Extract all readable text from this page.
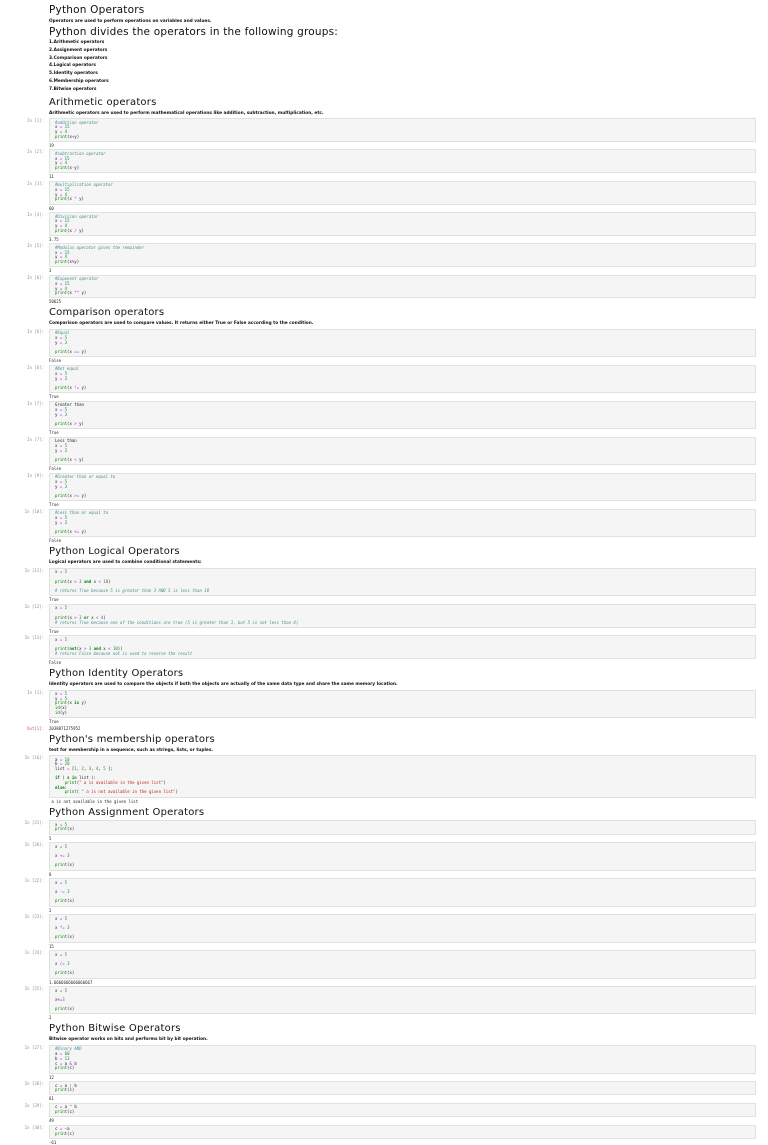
Python Operators
Operators are used to perform operations on variables and values.
Python divides the operators in the following groups:
1.Arithmetic operators
2.Assignment operators
3.Comparison operators
4.Logical operators
5.Identity operators
6.Membership operators
7.Bitwise operators
Arithmetic operators
Arithmetic operators are used to perform mathematical operations like addition, subtraction, multiplication, etc.
In [1]:	#addition operator
x = 15
y = 4
print(x+y)
19
In [2]:	#subtraction operator
x = 15
y = 4
print(x-y)
11
In [3]:	#multiplication operator
x = 15
y = 4
print(x * y)
60
In [4]:	#Division operator
x = 15
y = 4
print(x / y)
3.75
In [5]:	#Modulus operator gives the remainder
x = 15
y = 4
print(x%y)
3
In [6]:	#Exponent operator
x = 15
y = 4
print(x ** y)
50625
Comparison operators
Comparison operators are used to compare values. It returns either True or False according to the condition.
In [6]:	#Equal
x = 5
y = 3
print(x == y)
False
In [6]:	#Not equal
x = 5
y = 3
print(x != y)
True
In [7]:	Greater than
x = 5
y = 3
print(x > y)
True
In [7]:	Less than
x = 5
y = 3
print(x < y)
False
In [9]:	#Greater than or equal to
x = 5
y = 3
print(x >= y)
True
In [10]:	#Less than or equal to
x = 5
y = 3
print(x <= y)
False
Python Logical Operators
Logical operators are used to combine conditional statements:
In [11]:	x = 5
print(x > 3 and x < 10)
# returns True because 5 is greater than 3 AND 5 is less than 10
True
In [12]:	x = 5
print(x > 3 or x < 4)
# returns True because one of the conditions are true (5 is greater than 3, but 5 is not less than 4)
True
In [13]:	x = 5
print(not(x > 3 and x < 10))
# returns False because not is used to reverse the result
False
Python Identity Operators
Identity operators are used to compare the objects if both the objects are actually of the same data type and share the same memory location.
In [1]:	x = 5
y = 5
print(x is y)
id(x)
id(y)
True
Out[1]: 2038871275952
Python's membership operators
test for membership in a sequence, such as strings, lists, or tuples.
In [16]:	a = 10
b = 20
list = [1, 2, 3, 4, 5 ];
if ( a in list ):
print(" a is available in the given list")
else:
print( " a is not available in the given list")
a is not available in the given list
Python Assignment Operators
In [21]:	x = 5
print(x)
5
In [20]:	x = 5
x += 3
print(x)
8
In [22]:	x = 5
x -= 3
print(x)
2
In [23]:	x = 5
x *= 3
print(x)
15
In [24]:	x = 5
x /= 3
print(x)
1.6666666666666667
In [25]:	x = 5
x%=3
print(x)
2
Python Bitwise Operators
Bitwise operator works on bits and performs bit by bit operation.
In [27]:	#Binary AND
a = 60
b = 13
c = a & b
print(c)
12
In [28]:	c = a | b
print(c)
61
In [29]:	c = a ^ b
print(c)
49
In [30]:	c = ~a
print(c)
-61
